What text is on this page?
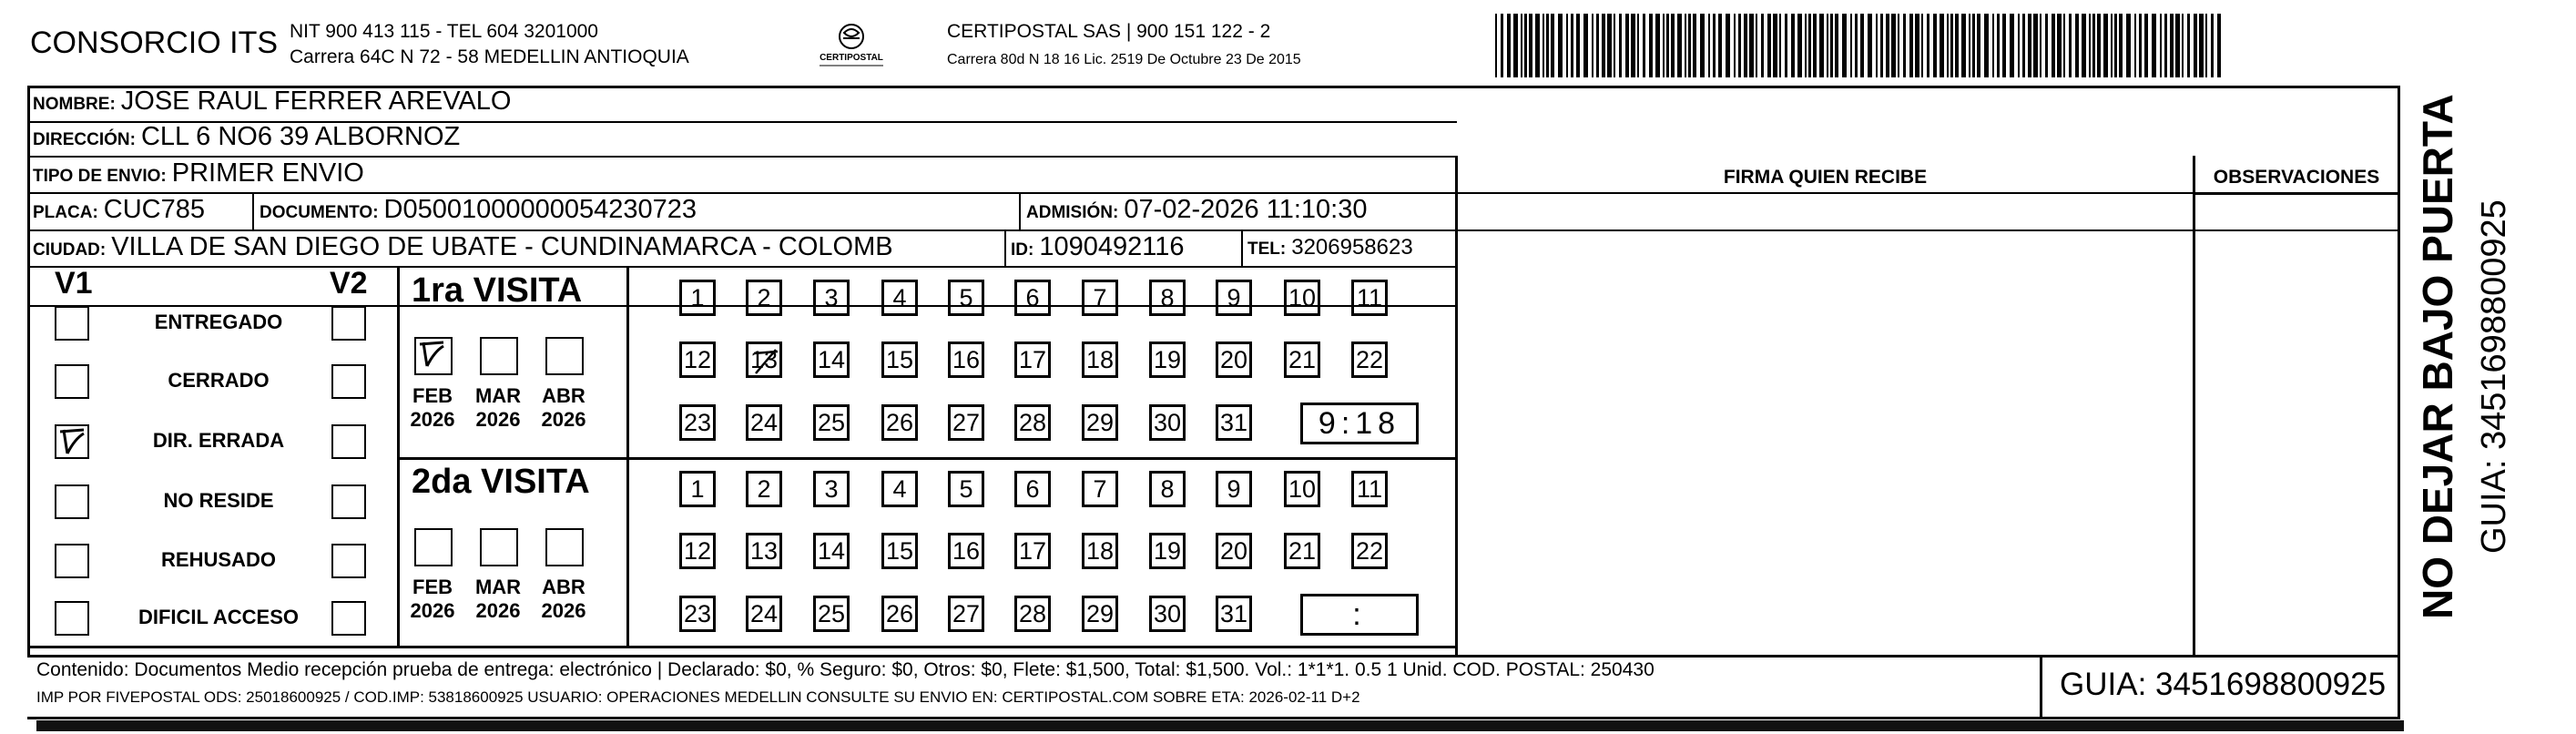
CONSORCIO ITS NIT 900 413 115 - TEL 604 3201000
Carrera 64C N 72 - 58 MEDELLIN ANTIOQUIA	CERTIPOSTAL
CERTIPOSTAL SAS | 900 151 122 - 2
Carrera 80d N 18 16 Lic. 2519 De Octubre 23 De 2015
NOMBRE: JOSE RAUL FERRER AREVALO
DIRECCIÓN: CLL 6 NO6 39 ALBORNOZ
TIPO DE ENVIO: PRIMER ENVIO
PLACA: CUC785	DOCUMENTO: D05001000000054230723	ADMISIÓN: 07-02-2026 11:10:30
CIUDAD: VILLA DE SAN DIEGO DE UBATE - CUNDINAMARCA - COLOMB	ID: 1090492116	TEL: 3206958623
FIRMA QUIEN RECIBE	OBSERVACIONES
V1	V2
ENTREGADO
CERRADO
DIR. ERRADA
NO RESIDE
REHUSADO
DIFICIL ACCESO
1ra VISITA
FEB
2026
MAR
2026
ABR
2026
1	2	3	4	5	6	7	8	9	10 11
12 13 14 15 16 17 18 19 20 21 22
23 24 25 26 27 28 29 30 31	9:18
2da VISITA
FEB
2026
MAR
2026
ABR
2026
1	2	3	4	5	6	7	8	9	10 11
12 13 14 15 16 17 18 19 20 21 22
23 24 25 26 27 28 29 30 31	:
Contenido: Documentos Medio recepción prueba de entrega: electrónico | Declarado: $0, % Seguro: $0, Otros: $0, Flete: $1,500, Total: $1,500. Vol.: 1*1*1. 0.5 1 Unid. COD. POSTAL: 250430
IMP POR FIVEPOSTAL ODS: 25018600925 / COD.IMP: 53818600925 USUARIO: OPERACIONES MEDELLIN CONSULTE SU ENVIO EN: CERTIPOSTAL.COM SOBRE ETA: 2026-02-11 D+2	GUIA: 3451698800925
NO DEJAR BAJO PUERTA GUIA: 3451698800925
